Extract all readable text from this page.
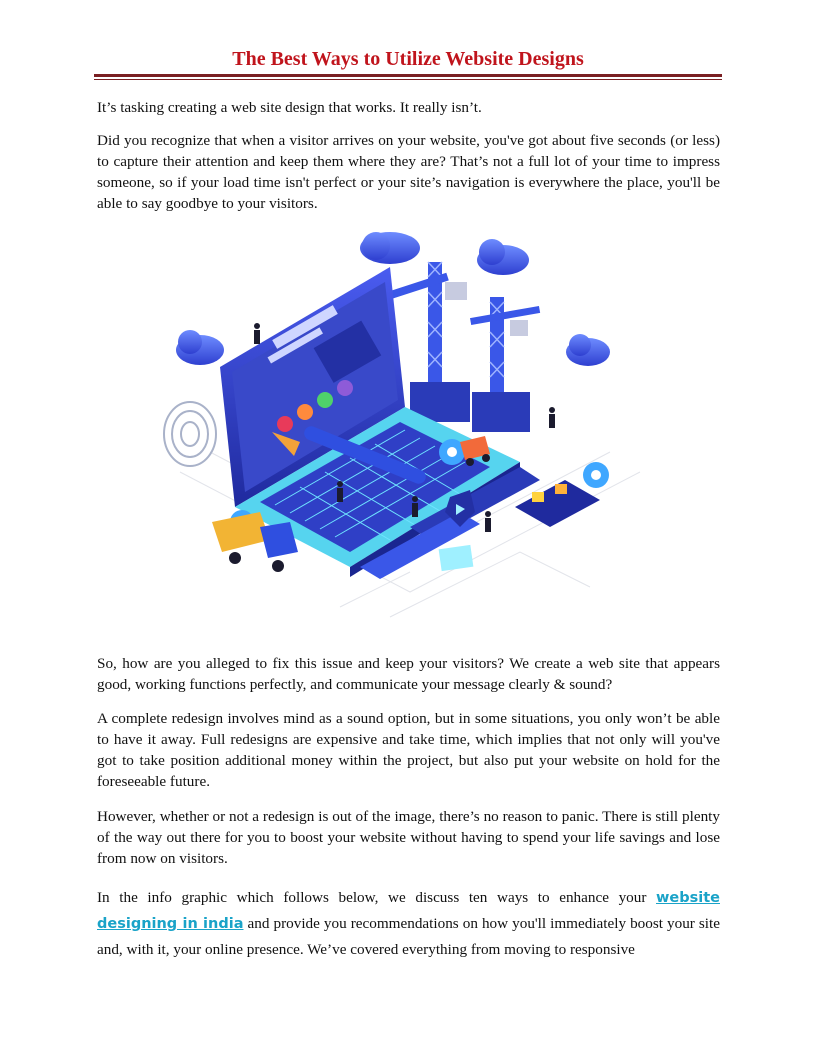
The Best Ways to Utilize Website Designs

It’s tasking creating a web site design that works. It really isn’t.

Did you recognize that when a visitor arrives on your website, you've got about five seconds (or less) to capture their attention and keep them where they are? That’s not a full lot of your time to impress someone, so if your load time isn't perfect or your site’s navigation is everywhere the place, you'll be able to say goodbye to your visitors.

So, how are you alleged to fix this issue and keep your visitors? We create a web site that appears good, working functions perfectly, and communicate your message clearly & sound?

A complete redesign involves mind as a sound option, but in some situations, you only won’t be able to have it away. Full redesigns are expensive and take time, which implies that not only will you've got to take position additional money within the project, but also put your website on hold for the foreseeable future.

However, whether or not a redesign is out of the image, there’s no reason to panic. There is still plenty of the way out there for you to boost your website without having to spend your life savings and lose from now on visitors.

In the info graphic which follows below, we discuss ten ways to enhance your website designing in india and provide you recommendations on how you'll immediately boost your site and, with it, your online presence. We’ve covered everything from moving to responsive
